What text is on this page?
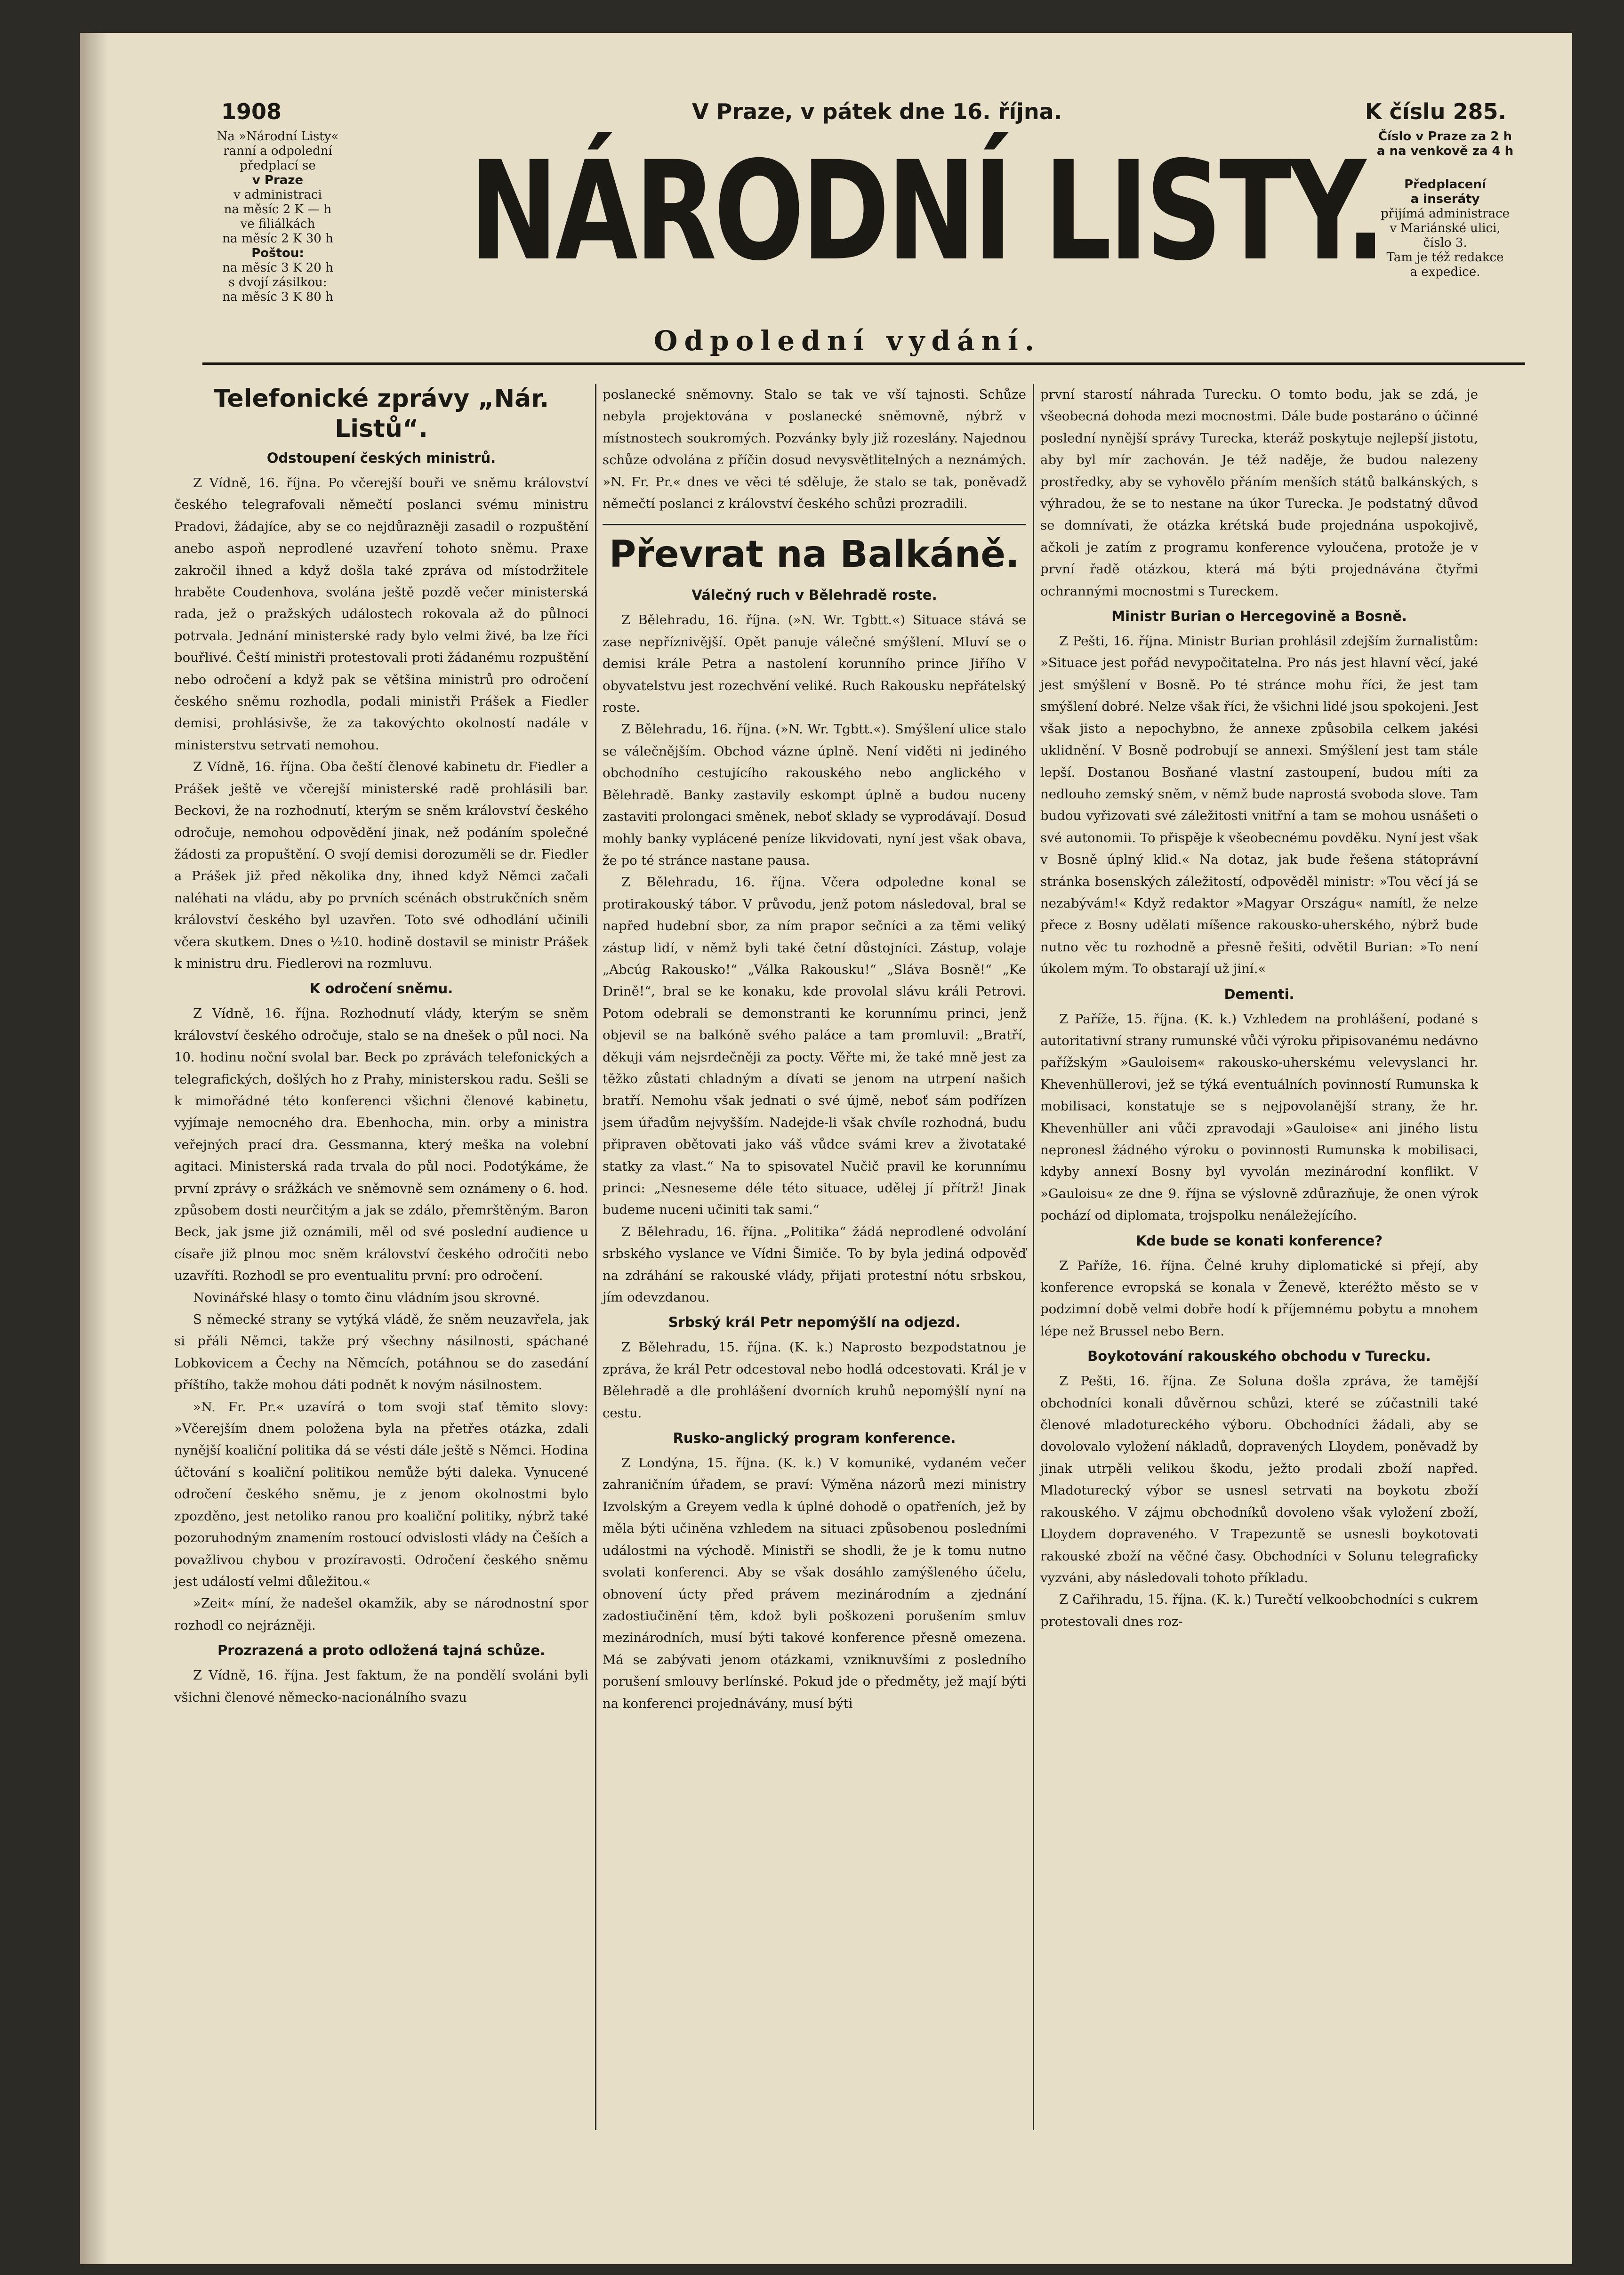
1908	V Praze, v pátek dne 16. října.	K číslu 285.
Na »Národní Listy«
ranní a odpolední
předplací se
v Praze
v administraci
na měsíc 2 K — h
ve filiálkách
na měsíc 2 K 30 h
Poštou:
na měsíc 3 K 20 h
s dvojí zásilkou:
na měsíc 3 K 80 h
NÁRODNÍ LISTY.
Odpolední vydání.
Číslo v Praze za 2 h
a na venkově za 4 h
Předplacení
a inseráty
přijímá administrace
v Mariánské ulici,
číslo 3.
Tam je též redakce
a expedice.
Telefonické zprávy „Nár. Listů“.
Odstoupení českých ministrů.

Z Vídně, 16. října. Po včerejší bouři ve sněmu království českého telegrafovali němečtí poslanci svému ministru Pradovi, žádajíce, aby se co nejdůrazněji zasadil o rozpuštění anebo aspoň neprodlené uzavření tohoto sněmu. Praxe zakročil ihned a když došla také zpráva od místodržitele hraběte Coudenhova, svolána ještě pozdě večer ministerská rada, jež o pražských událostech rokovala až do půlnoci potrvala. Jednání ministerské rady bylo velmi živé, ba lze říci bouřlivé. Čeští ministři protestovali proti žádanému rozpuštění nebo odročení a když pak se většina ministrů pro odročení českého sněmu rozhodla, podali ministři Prášek a Fiedler demisi, prohlásivše, že za takovýchto okolností nadále v ministerstvu setrvati nemohou.

Z Vídně, 16. října. Oba čeští členové kabinetu dr. Fiedler a Prášek ještě ve včerejší ministerské radě prohlásili bar. Beckovi, že na rozhodnutí, kterým se sněm království českého odročuje, nemohou odpovědění jinak, než podáním společné žádosti za propuštění. O svojí demisi dorozuměli se dr. Fiedler a Prášek již před několika dny, ihned když Němci začali naléhati na vládu, aby po prvních scénách obstrukčních sněm království českého byl uzavřen. Toto své odhodlání učinili včera skutkem. Dnes o ½10. hodině dostavil se ministr Prášek k ministru dru. Fiedlerovi na rozmluvu.

K odročení sněmu.

Z Vídně, 16. října. Rozhodnutí vlády, kterým se sněm království českého odročuje, stalo se na dnešek o půl noci. Na 10. hodinu noční svolal bar. Beck po zprávách telefonických a telegrafických, došlých ho z Prahy, ministerskou radu. Sešli se k mimořádné této konferenci všichni členové kabinetu, vyjímaje nemocného dra. Ebenhocha, min. orby a ministra veřejných prací dra. Gessmanna, který meška na volební agitaci. Ministerská rada trvala do půl noci. Podotýkáme, že první zprávy o srážkách ve sněmovně sem oznámeny o 6. hod. způsobem dosti neurčitým a jak se zdálo, přemrštěným. Baron Beck, jak jsme již oznámili, měl od své poslední audience u císaře již plnou moc sněm království českého odročiti nebo uzavříti. Rozhodl se pro eventualitu první: pro odročení.

Novinářské hlasy o tomto činu vládním jsou skrovné.

S německé strany se vytýká vládě, že sněm neuzavřela, jak si přáli Němci, takže prý všechny násilnosti, spáchané Lobkovicem a Čechy na Němcích, potáhnou se do zasedání příštího, takže mohou dáti podnět k novým násilnostem.

»N. Fr. Pr.« uzavírá o tom svoji stať těmito slovy: »Včerejším dnem položena byla na přetřes otázka, zdali nynější koaliční politika dá se vésti dále ještě s Němci. Hodina účtování s koaliční politikou nemůže býti daleka. Vynucené odročení českého sněmu, je z jenom okolnostmi bylo zpozděno, jest netoliko ranou pro koaliční politiky, nýbrž také pozoruhodným znamením rostoucí odvislosti vlády na Češích a považlivou chybou v prozíravosti. Odročení českého sněmu jest událostí velmi důležitou.«

»Zeit« míní, že nadešel okamžik, aby se národnostní spor rozhodl co nejrázněji.

Prozrazená a proto odložená tajná schůze.

Z Vídně, 16. října. Jest faktum, že na pondělí svoláni byli všichni členové německo-nacionálního svazu

poslanecké sněmovny. Stalo se tak ve vší tajnosti. Schůze nebyla projektována v poslanecké sněmovně, nýbrž v místnostech soukromých. Pozvánky byly již rozeslány. Najednou schůze odvolána z příčin dosud nevysvětlitelných a neznámých. »N. Fr. Pr.« dnes ve věci té sděluje, že stalo se tak, poněvadž němečtí poslanci z království českého schůzi prozradili.

Převrat na Balkáně.
Válečný ruch v Bělehradě roste.

Z Bělehradu, 16. října. (»N. Wr. Tgbtt.«) Situace stává se zase nepříznivější. Opět panuje válečné smýšlení. Mluví se o demisi krále Petra a nastolení korunního prince Jiřího V obyvatelstvu jest rozechvění veliké. Ruch Rakousku nepřátelský roste.

Z Bělehradu, 16. října. (»N. Wr. Tgbtt.«). Smýšlení ulice stalo se válečnějším. Obchod vázne úplně. Není viděti ni jediného obchodního cestujícího rakouského nebo anglického v Bělehradě. Banky zastavily eskompt úplně a budou nuceny zastaviti prolongaci směnek, neboť sklady se vyprodávají. Dosud mohly banky vyplácené peníze likvidovati, nyní jest však obava, že po té stránce nastane pausa.

Z Bělehradu, 16. října. Včera odpoledne konal se protirakouský tábor. V průvodu, jenž potom následoval, bral se napřed hudební sbor, za ním prapor sečníci a za těmi veliký zástup lidí, v němž byli také četní důstojníci. Zástup, volaje „Abcúg Rakousko!“ „Válka Rakousku!“ „Sláva Bosně!“ „Ke Drině!“, bral se ke konaku, kde provolal slávu králi Petrovi. Potom odebrali se demonstranti ke korunnímu princi, jenž objevil se na balkóně svého paláce a tam promluvil: „Bratří, děkuji vám nejsrdečněji za pocty. Věřte mi, že také mně jest za těžko zůstati chladným a dívati se jenom na utrpení našich bratří. Nemohu však jednati o své újmě, neboť sám podřízen jsem úřadům nejvyšším. Nadejde-li však chvíle rozhodná, budu připraven obětovati jako váš vůdce svámi krev a životataké statky za vlast.“ Na to spisovatel Nučič pravil ke korunnímu princi: „Nesneseme déle této situace, udělej jí přítrž! Jinak budeme nuceni učiniti tak sami.“

Z Bělehradu, 16. října. „Politika“ žádá neprodlené odvolání srbského vyslance ve Vídni Šimiče. To by byla jediná odpověď na zdráhání se rakouské vlády, přijati protestní nótu srbskou, jím odevzdanou.

Srbský král Petr nepomýšlí na odjezd.

Z Bělehradu, 15. října. (K. k.) Naprosto bezpodstatnou je zpráva, že král Petr odcestoval nebo hodlá odcestovati. Král je v Bělehradě a dle prohlášení dvorních kruhů nepomýšlí nyní na cestu.

Rusko-anglický program konference.

Z Londýna, 15. října. (K. k.) V komuniké, vydaném večer zahraničním úřadem, se praví: Výměna názorů mezi ministry Izvolským a Greyem vedla k úplné dohodě o opatřeních, jež by měla býti učiněna vzhledem na situaci způsobenou posledními událostmi na východě. Ministři se shodli, že je k tomu nutno svolati konferenci. Aby se však dosáhlo zamýšleného účelu, obnovení úcty před právem mezinárodním a zjednání zadostiučinění těm, kdož byli poškozeni porušením smluv mezinárodních, musí býti takové konference přesně omezena. Má se zabývati jenom otázkami, vzniknuvšími z posledního porušení smlouvy berlínské. Pokud jde o předměty, jež mají býti na konferenci projednávány, musí býti

první starostí náhrada Turecku. O tomto bodu, jak se zdá, je všeobecná dohoda mezi mocnostmi. Dále bude postaráno o účinné poslední nynější správy Turecka, kteráž poskytuje nejlepší jistotu, aby byl mír zachován. Je též naděje, že budou nalezeny prostředky, aby se vyhovělo přáním menších států balkánských, s výhradou, že se to nestane na úkor Turecka. Je podstatný důvod se domnívati, že otázka krétská bude projednána uspokojivě, ačkoli je zatím z programu konference vyloučena, protože je v první řadě otázkou, která má býti projednávána čtyřmi ochrannými mocnostmi s Tureckem.

Ministr Burian o Hercegovině a Bosně.

Z Pešti, 16. října. Ministr Burian prohlásil zdejším žurnalistům: »Situace jest pořád nevypočitatelna. Pro nás jest hlavní věcí, jaké jest smýšlení v Bosně. Po té stránce mohu říci, že jest tam smýšlení dobré. Nelze však říci, že všichni lidé jsou spokojeni. Jest však jisto a nepochybno, že annexe způsobila celkem jakési uklidnění. V Bosně podrobují se annexi. Smýšlení jest tam stále lepší. Dostanou Bosňané vlastní zastoupení, budou míti za nedlouho zemský sněm, v němž bude naprostá svoboda slove. Tam budou vyřizovati své záležitosti vnitřní a tam se mohou usnášeti o své autonomii. To přispěje k všeobecnému povděku. Nyní jest však v Bosně úplný klid.« Na dotaz, jak bude řešena státoprávní stránka bosenských záležitostí, odpověděl ministr: »Tou věcí já se nezabývám!« Když redaktor »Magyar Országu« namítl, že nelze přece z Bosny udělati míšence rakousko-uherského, nýbrž bude nutno věc tu rozhodně a přesně řešiti, odvětil Burian: »To není úkolem mým. To obstarají už jiní.«

Dementi.

Z Paříže, 15. října. (K. k.) Vzhledem na prohlášení, podané s autoritativní strany rumunské vůči výroku připisovanému nedávno pařížským »Gauloisem« rakousko-uherskému velevyslanci hr. Khevenhüllerovi, jež se týká eventuálních povinností Rumunska k mobilisaci, konstatuje se s nejpovolanější strany, že hr. Khevenhüller ani vůči zpravodaji »Gauloise« ani jiného listu nepronesl žádného výroku o povinnosti Rumunska k mobilisaci, kdyby annexí Bosny byl vyvolán mezinárodní konflikt. V »Gauloisu« ze dne 9. října se výslovně zdůrazňuje, že onen výrok pochází od diplomata, trojspolku nenáležejícího.

Kde bude se konati konference?

Z Paříže, 16. října. Čelné kruhy diplomatické si přejí, aby konference evropská se konala v Ženevě, kteréžto město se v podzimní době velmi dobře hodí k příjemnému pobytu a mnohem lépe než Brussel nebo Bern.

Boykotování rakouského obchodu v Turecku.

Z Pešti, 16. října. Ze Soluna došla zpráva, že tamější obchodníci konali důvěrnou schůzi, které se zúčastnili také členové mladotureckého výboru. Obchodníci žádali, aby se dovolovalo vyložení nákladů, dopravených Lloydem, poněvadž by jinak utrpěli velikou škodu, ježto prodali zboží napřed. Mladoturecký výbor se usnesl setrvati na boykotu zboží rakouského. V zájmu obchodníků dovoleno však vyložení zboží, Lloydem dopraveného. V Trapezuntě se usnesli boykotovati rakouské zboží na věčné časy. Obchodníci v Solunu telegraficky vyzváni, aby následovali tohoto příkladu.

Z Cařihradu, 15. října. (K. k.) Turečtí velkoobchodníci s cukrem protestovali dnes roz-
